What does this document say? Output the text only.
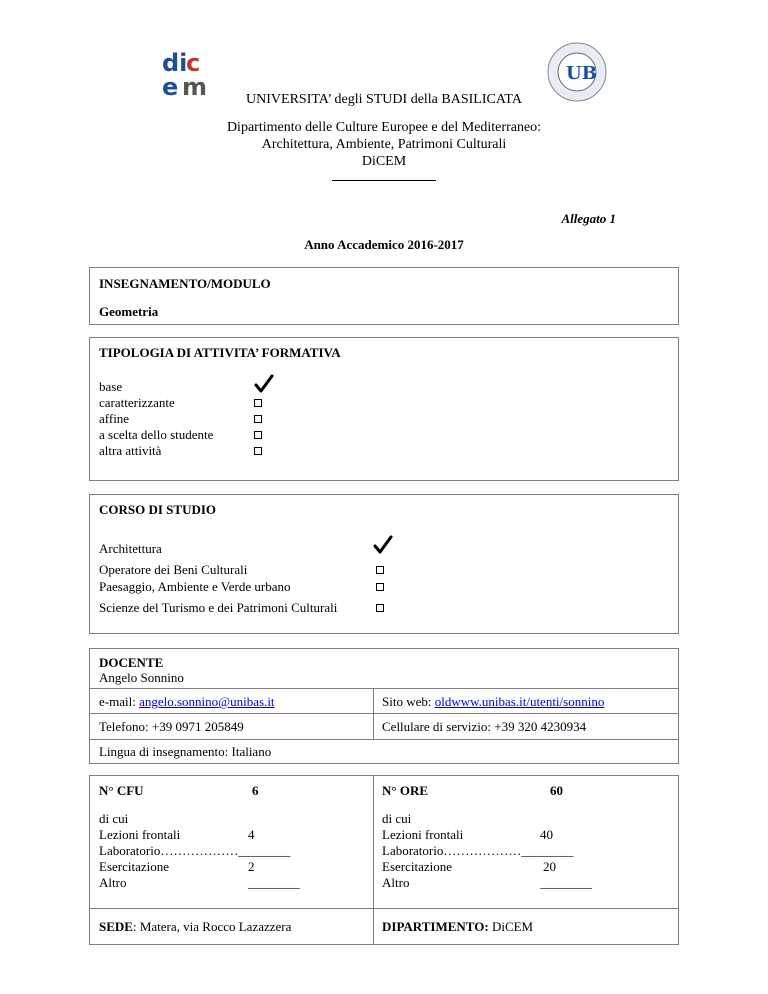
di
c
e m	UB
UNIVERSITA’ degli STUDI della BASILICATA
Dipartimento delle Culture Europee e del Mediterraneo:
Architettura, Ambiente, Patrimoni Culturali
DiCEM
Allegato 1
Anno Accademico 2016-2017
INSEGNAMENTO/MODULO
Geometria
TIPOLOGIA DI ATTIVITA’ FORMATIVA
base
caratterizzante
affine
a scelta dello studente
altra attività
CORSO DI STUDIO
Architettura
Operatore dei Beni Culturali
Paesaggio, Ambiente e Verde urbano
Scienze del Turismo e dei Patrimoni Culturali
DOCENTE
Angelo Sonnino
e-mail: angelo.sonnino@unibas.it	Sito web: oldwww.unibas.it/utenti/sonnino
Telefono: +39 0971 205849	Cellulare di servizio: +39 320 4230934
Lingua di insegnamento: Italiano
N° CFU	6
di cui
Lezioni frontali	4
Laboratorio………………________
Esercitazione	2
Altro	________
N° ORE	60
di cui
Lezioni frontali	40
Laboratorio………………________
Esercitazione	20
Altro	________
SEDE: Matera, via Rocco Lazazzera	DIPARTIMENTO: DiCEM
